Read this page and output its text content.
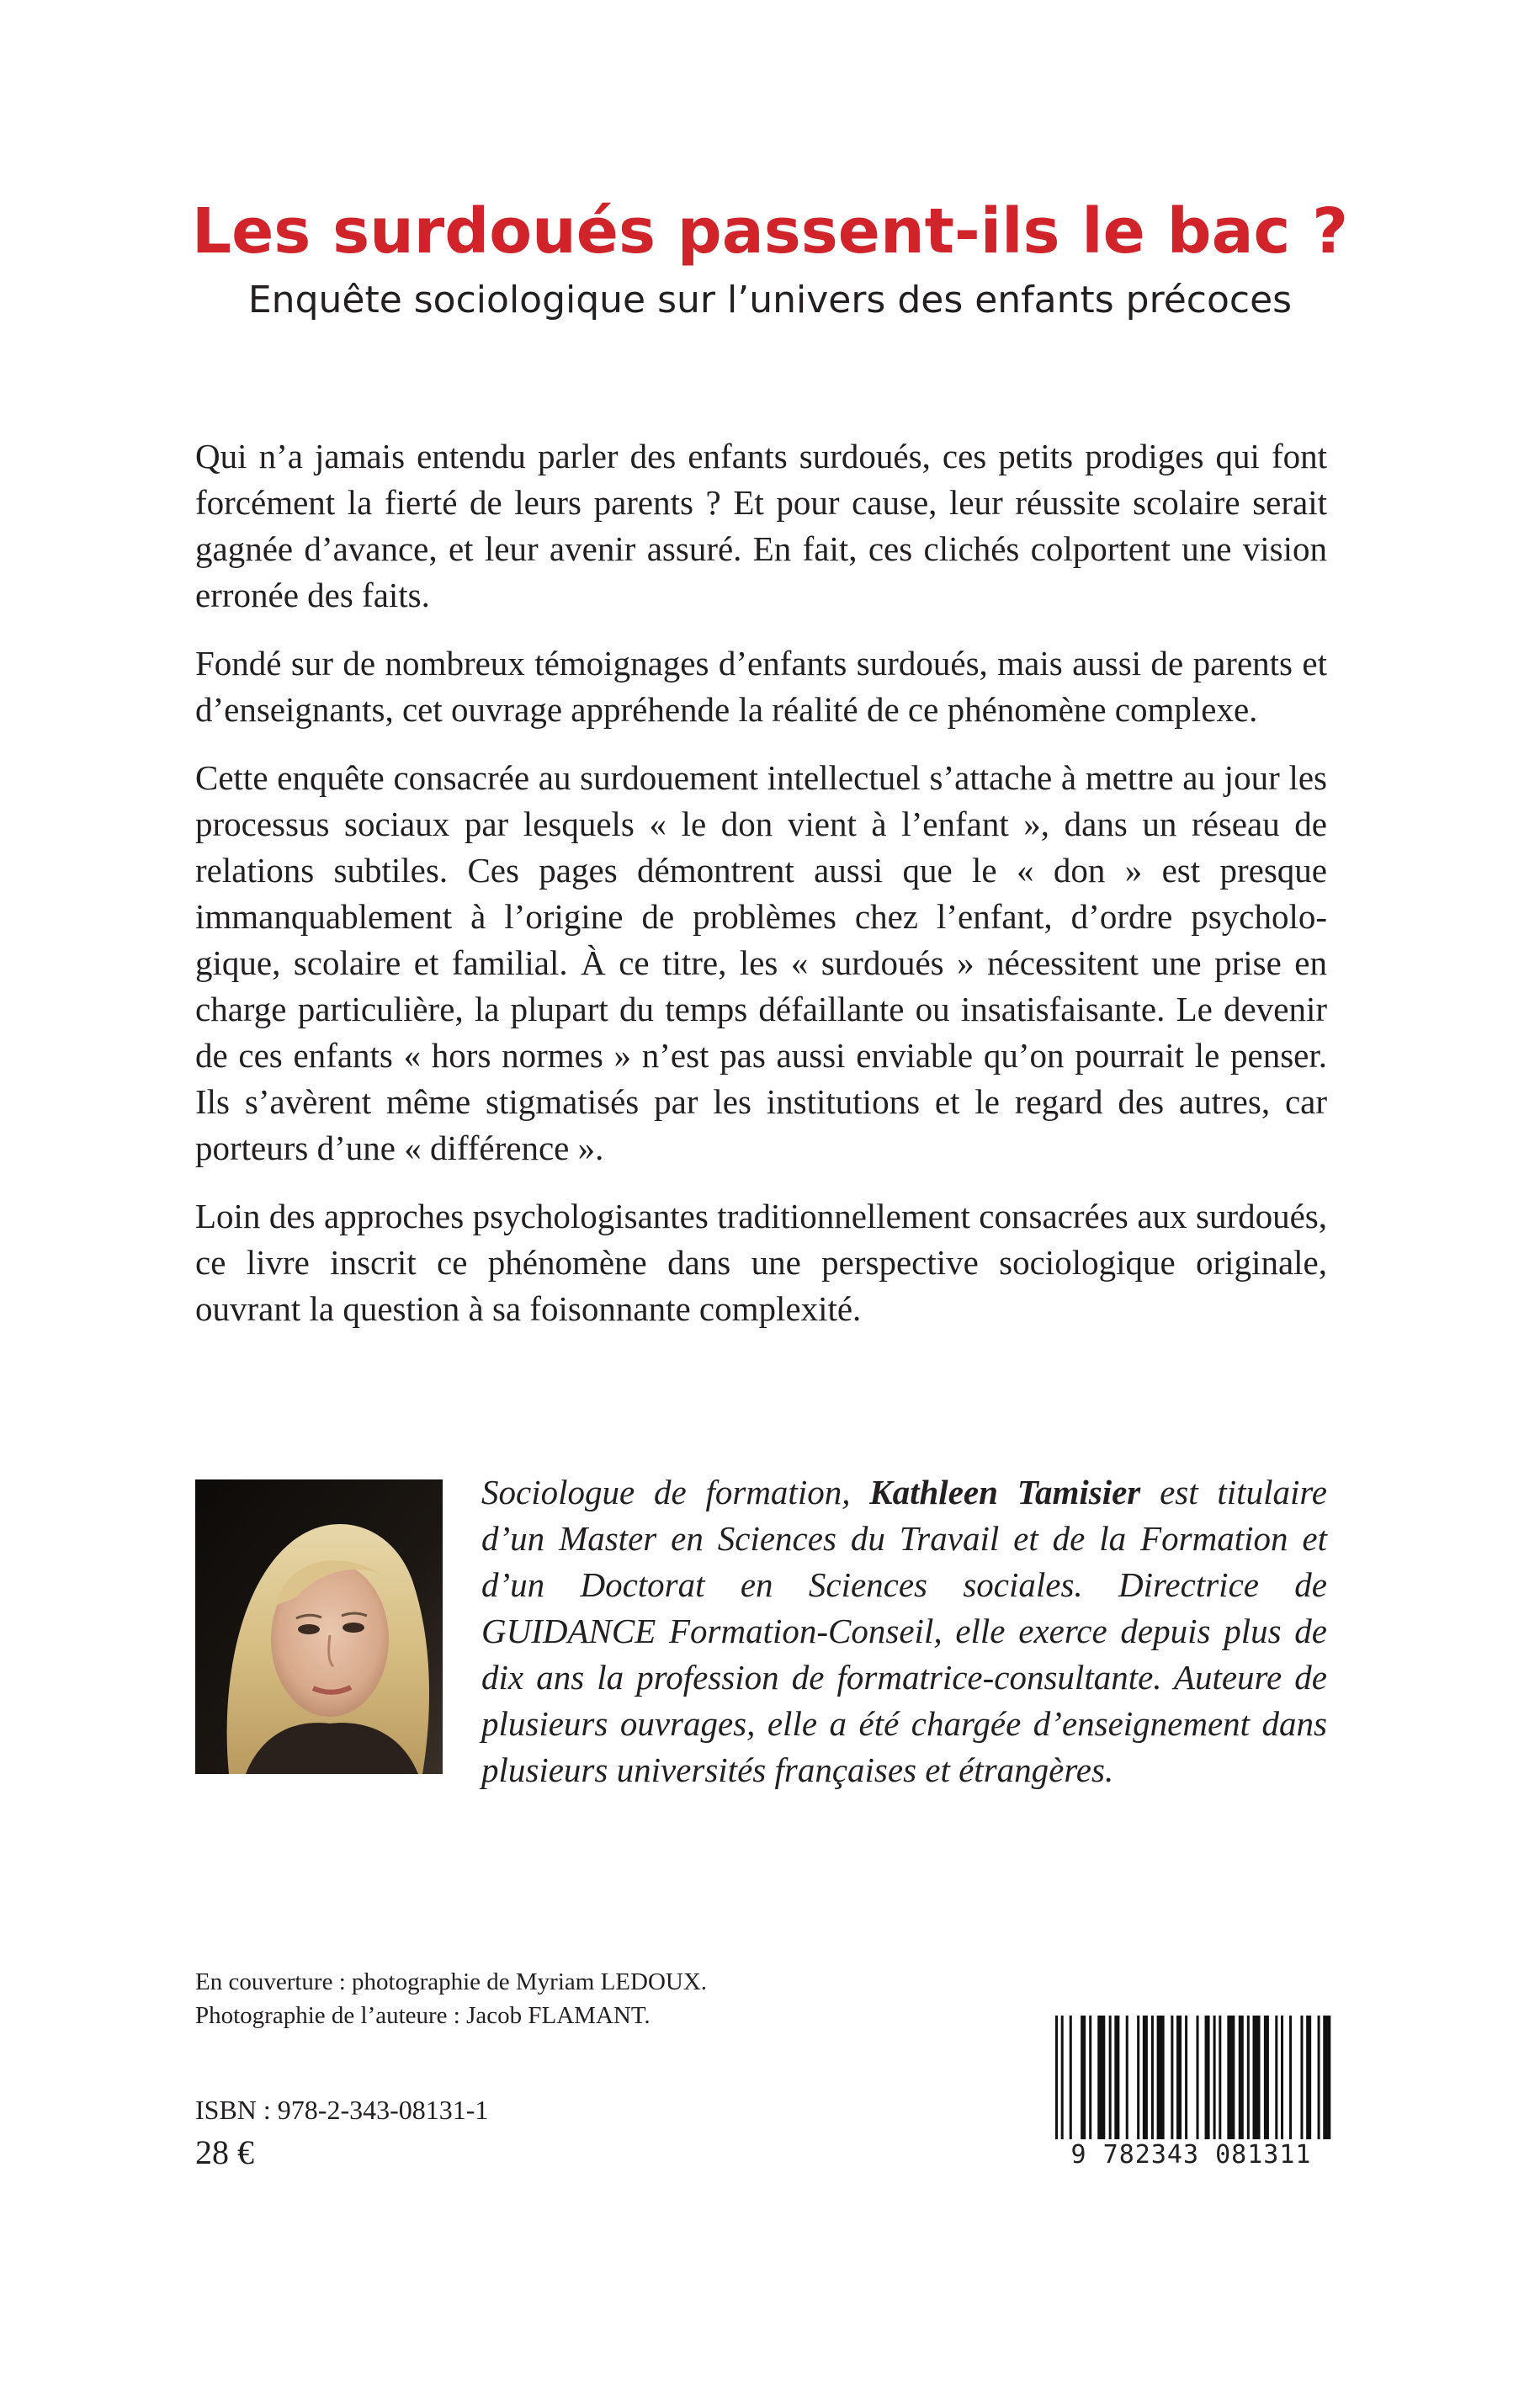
Les surdoués passent-ils le bac ?
Enquête sociologique sur l’univers des enfants précoces

Qui n’a jamais entendu parler des enfants surdoués, ces petits prodiges qui font forcément la fierté de leurs parents ? Et pour cause, leur réussite scolaire serait gagnée d’avance, et leur avenir assuré. En fait, ces clichés colportent une vision erronée des faits.

Fondé sur de nombreux témoignages d’enfants surdoués, mais aussi de parents et d’enseignants, cet ouvrage appréhende la réalité de ce phénomène complexe.

Cette enquête consacrée au surdouement intellectuel s’attache à mettre au jour les processus sociaux par lesquels « le don vient à l’enfant », dans un réseau de relations subtiles. Ces pages démontrent aussi que le « don » est presque immanquablement à l’origine de problèmes chez l’enfant, d’ordre psycholo-gique, scolaire et familial. À ce titre, les « surdoués » nécessitent une prise en charge particulière, la plupart du temps défaillante ou insatisfaisante. Le devenir de ces enfants « hors normes » n’est pas aussi enviable qu’on pourrait le penser. Ils s’avèrent même stigmatisés par les institutions et le regard des autres, car porteurs d’une « différence ».

Loin des approches psychologisantes traditionnellement consacrées aux surdoués, ce livre inscrit ce phénomène dans une perspective sociologique originale, ouvrant la question à sa foisonnante complexité.

Sociologue de formation, Kathleen Tamisier est titulaire d’un Master en Sciences du Travail et de la Formation et d’un Doctorat en Sciences sociales. Directrice de GUIDANCE Formation-Conseil, elle exerce depuis plus de dix ans la profession de formatrice-consultante. Auteure de plusieurs ouvrages, elle a été chargée d’enseignement dans plusieurs universités françaises et étrangères.

En couverture : photographie de Myriam LEDOUX.
Photographie de l’auteure : Jacob FLAMANT.
ISBN : 978-2-343-08131-1
28 €	9 782343 081311
